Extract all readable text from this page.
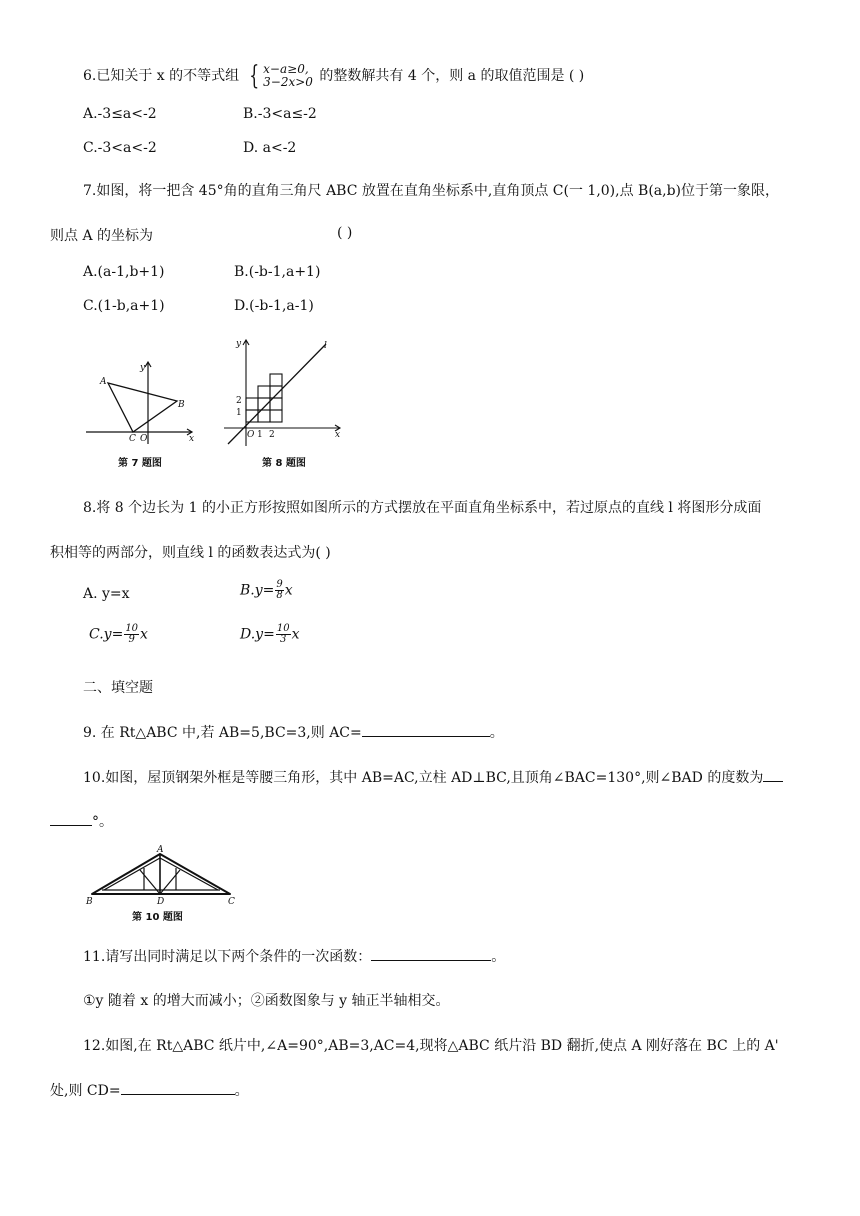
6.已知关于 x 的不等式组 { x−a≥0,
3−2x>0 的整数解共有 4 个，则 a 的取值范围是 ( )
A.-3≤a<-2	B.-3<a≤-2
C.-3<a<-2	D. a<-2
7.如图，将一把含 45°角的直角三角尺 ABC 放置在直角坐标系中,直角顶点 C(一 1,0),点 B(a,b)位于第一象限，
则点 A 的坐标为	( )
A.(a-1,b+1)	B.(-b-1,a+1)
C.(1-b,a+1)	D.(-b-1,a-1)
A
B
C O	x
y
第 7 题图
y	l
2
1
O 1 2	x
第 8 题图
8.将 8 个边长为 1 的小正方形按照如图所示的方式摆放在平面直角坐标系中，若过原点的直线 l 将图形分成面
积相等的两部分，则直线 l 的函数表达式为( )
A. y=x	$B.y= \frac{9}{8}$ x
$C.y= \frac{10}{9}$ x	$D.y= \frac{10}{3}$ x
二、填空题
9. 在 Rt△ABC 中,若 AB=5,BC=3,则 AC=	。
10.如图，屋顶钢架外框是等腰三角形，其中 AB=AC,立柱 AD⊥BC,且顶角∠BAC=130°,则∠BAD 的度数为
°。
A
B	C
D
第 10 题图
11.请写出同时满足以下两个条件的一次函数：	。
①y 随着 x 的增大而减小；②函数图象与 y 轴正半轴相交。
12.如图,在 Rt△ABC 纸片中,∠A=90°,AB=3,AC=4,现将△ABC 纸片沿 BD 翻折,使点 A 刚好落在 BC 上的 A'
处,则 CD=	。
